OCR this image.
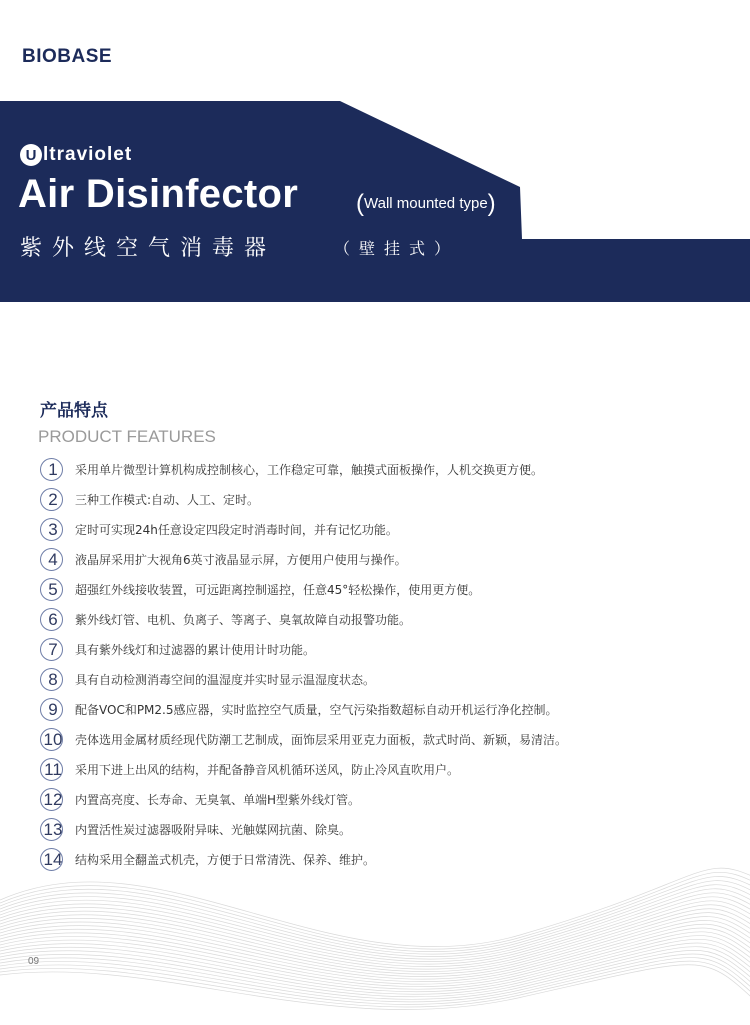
BIOBASE
U ltraviolet
Air Disinfector (Wall mounted type)
紫外线空气消毒器	（壁挂式）
产品特点
PRODUCT FEATURES
1	采用单片微型计算机构成控制核心，工作稳定可靠，触摸式面板操作，人机交换更方便。
2	三种工作模式:自动、人工、定时。
3	定时可实现24h任意设定四段定时消毒时间，并有记忆功能。
4	液晶屏采用扩大视角6英寸液晶显示屏，方便用户使用与操作。
5	超强红外线接收装置，可远距离控制遥控，任意45°轻松操作，使用更方便。
6	紫外线灯管、电机、负离子、等离子、臭氧故障自动报警功能。
7	具有紫外线灯和过滤器的累计使用计时功能。
8	具有自动检测消毒空间的温湿度并实时显示温湿度状态。
9	配备VOC和PM2.5感应器，实时监控空气质量，空气污染指数超标自动开机运行净化控制。
10	壳体选用金属材质经现代防潮工艺制成，面饰层采用亚克力面板，款式时尚、新颖，易清洁。
11	采用下进上出风的结构，并配备静音风机循环送风，防止冷风直吹用户。
12	内置高亮度、长寿命、无臭氧、单端H型紫外线灯管。
13	内置活性炭过滤器吸附异味、光触媒网抗菌、除臭。
14	结构采用全翻盖式机壳，方便于日常清洗、保养、维护。
09
